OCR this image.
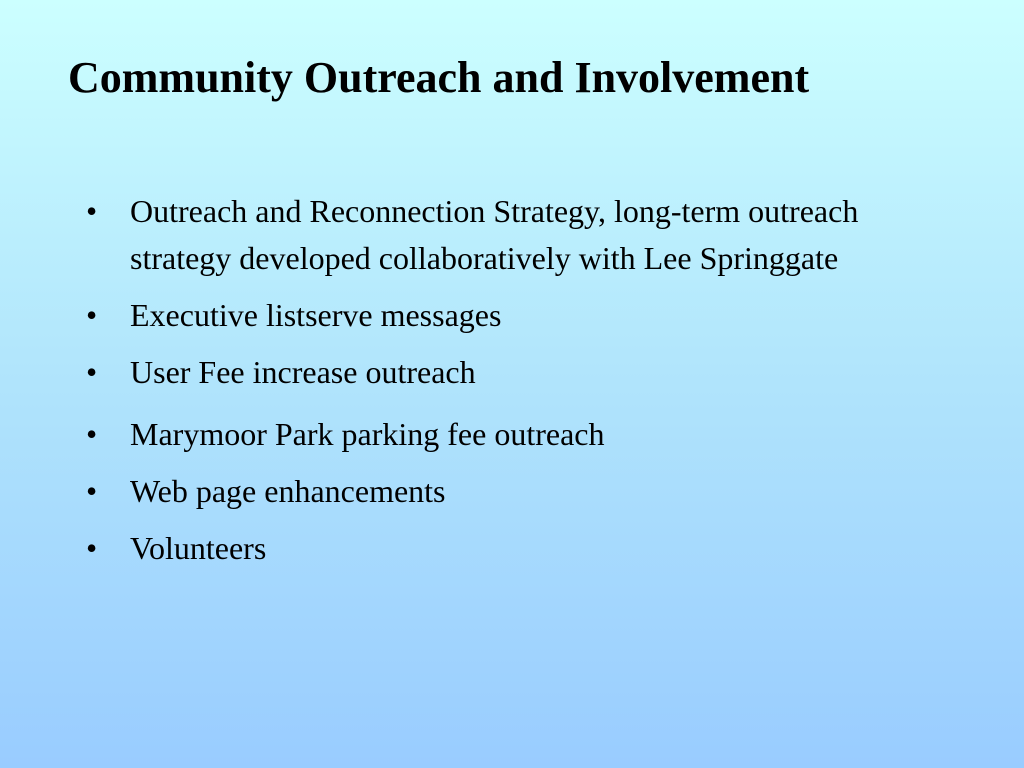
Community Outreach and Involvement
•	Outreach and Reconnection Strategy, long-term outreach strategy developed collaboratively with Lee Springgate
•	Executive listserve messages
•	User Fee increase outreach
•	Marymoor Park parking fee outreach
•	Web page enhancements
•	Volunteers
